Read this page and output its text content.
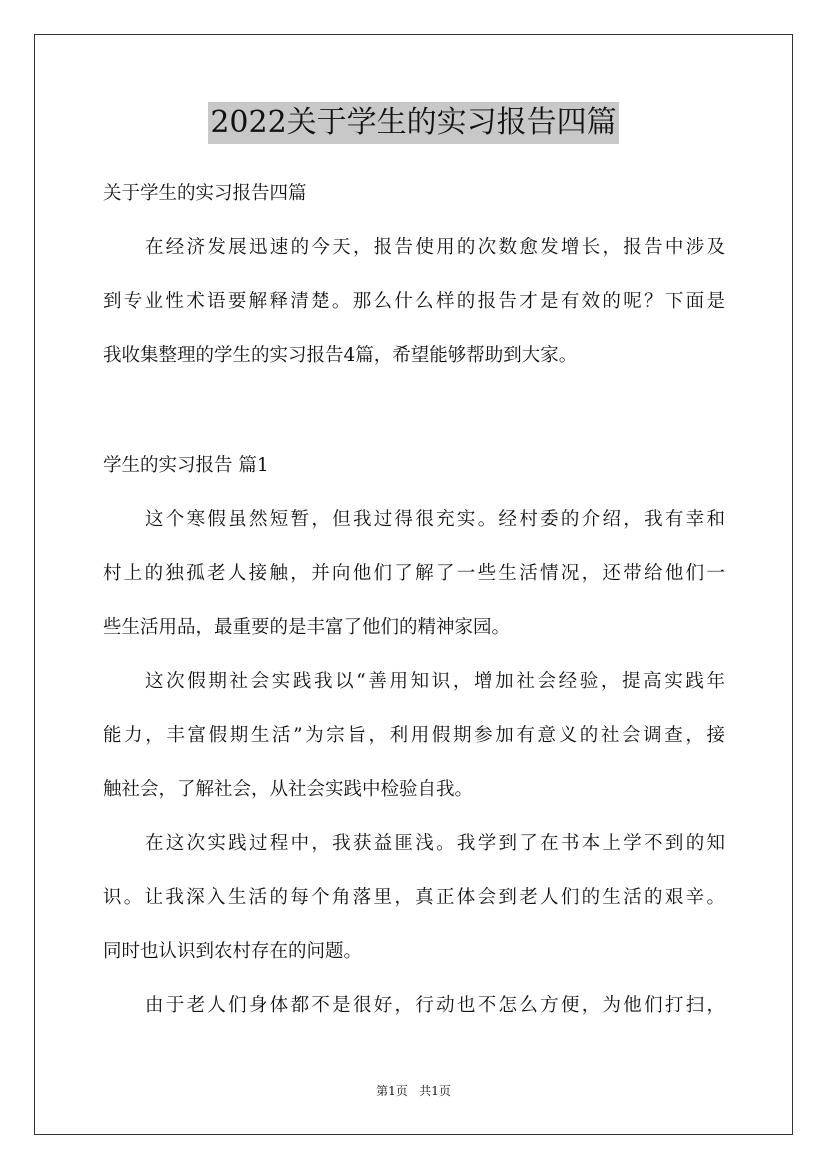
2022关于学生的实习报告四篇
关于学生的实习报告四篇
在经济发展迅速的今天，报告使用的次数愈发增长，报告中涉及
到专业性术语要解释清楚。那么什么样的报告才是有效的呢？下面是
我收集整理的学生的实习报告4篇，希望能够帮助到大家。
学生的实习报告 篇1
这个寒假虽然短暂，但我过得很充实。经村委的介绍，我有幸和
村上的独孤老人接触，并向他们了解了一些生活情况，还带给他们一
些生活用品，最重要的是丰富了他们的精神家园。
这次假期社会实践我以“善用知识，增加社会经验，提高实践年
能力，丰富假期生活”为宗旨，利用假期参加有意义的社会调查，接
触社会，了解社会，从社会实践中检验自我。
在这次实践过程中，我获益匪浅。我学到了在书本上学不到的知
识。让我深入生活的每个角落里，真正体会到老人们的生活的艰辛。
同时也认识到农村存在的问题。
由于老人们身体都不是很好，行动也不怎么方便，为他们打扫，
第1页 共1页
